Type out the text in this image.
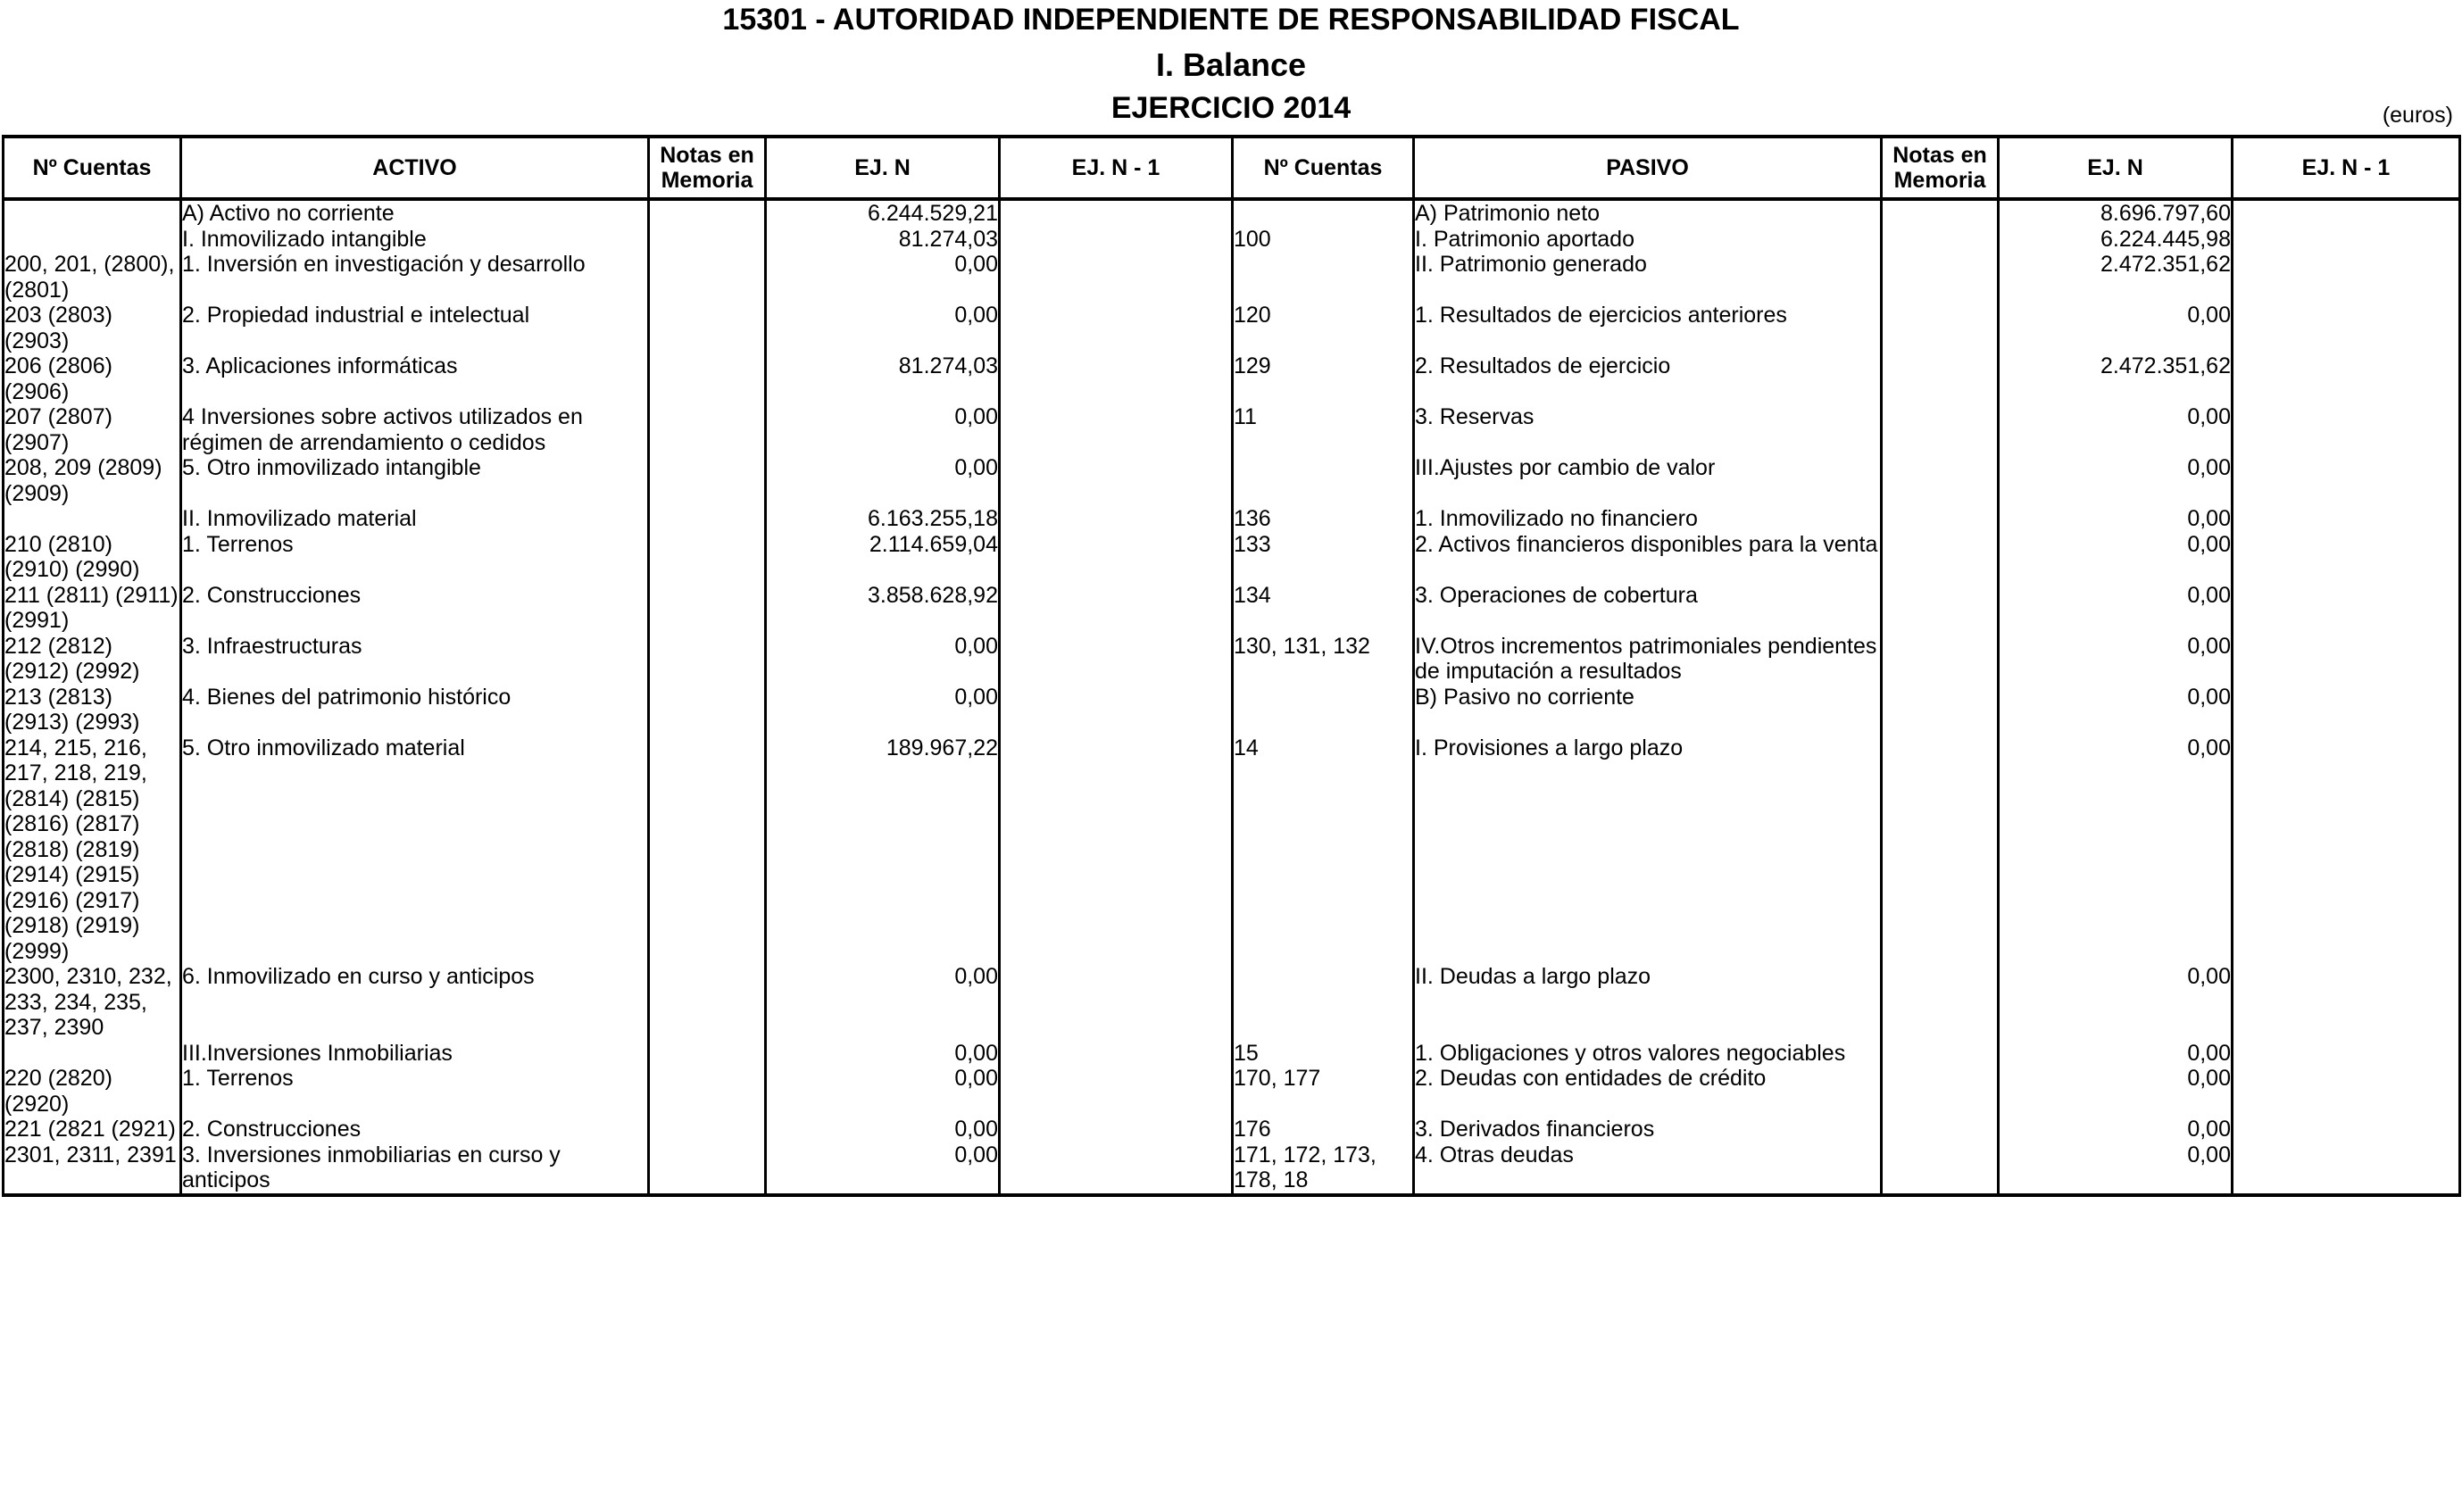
15301 - AUTORIDAD INDEPENDIENTE DE RESPONSABILIDAD FISCAL
I. Balance
EJERCICIO 2014	(euros)
Nº Cuentas	ACTIVO	Notas en Memoria	EJ. N	EJ. N - 1	Nº Cuentas	PASIVO	Notas en Memoria	EJ. N	EJ. N - 1
	A) Activo no corriente		6.244.529,21			A) Patrimonio neto		8.696.797,60	
	I. Inmovilizado intangible		81.274,03		100	I. Patrimonio aportado		6.224.445,98	
200, 201, (2800), (2801)	1. Inversión en investigación y desarrollo		0,00			II. Patrimonio generado		2.472.351,62	
203 (2803) (2903)	2. Propiedad industrial e intelectual		0,00		120	1. Resultados de ejercicios anteriores		0,00	
206 (2806) (2906)	3. Aplicaciones informáticas		81.274,03		129	2. Resultados de ejercicio		2.472.351,62	
207 (2807) (2907)	4 Inversiones sobre activos utilizados en régimen de arrendamiento o cedidos		0,00		11	3. Reservas		0,00	
208, 209 (2809) (2909)	5. Otro inmovilizado intangible		0,00			III.Ajustes por cambio de valor		0,00	
	II. Inmovilizado material		6.163.255,18		136	1. Inmovilizado no financiero		0,00	
210 (2810) (2910) (2990)	1. Terrenos		2.114.659,04		133	2. Activos financieros disponibles para la venta		0,00	
211 (2811) (2911) (2991)	2. Construcciones		3.858.628,92		134	3. Operaciones de cobertura		0,00	
212 (2812) (2912) (2992)	3. Infraestructuras		0,00		130, 131, 132	IV.Otros incrementos patrimoniales pendientes de imputación a resultados		0,00	
213 (2813) (2913) (2993)	4. Bienes del patrimonio histórico		0,00			B) Pasivo no corriente		0,00	
214, 215, 216, 217, 218, 219, (2814) (2815) (2816) (2817) (2818) (2819) (2914) (2915) (2916) (2917) (2918) (2919) (2999)	5. Otro inmovilizado material		189.967,22		14	I. Provisiones a largo plazo		0,00	
2300, 2310, 232, 233, 234, 235, 237, 2390	6. Inmovilizado en curso y anticipos		0,00			II. Deudas a largo plazo		0,00	
	III.Inversiones Inmobiliarias		0,00		15	1. Obligaciones y otros valores negociables		0,00	
220 (2820) (2920)	1. Terrenos		0,00		170, 177	2. Deudas con entidades de crédito		0,00	
221 (2821 (2921)	2. Construcciones		0,00		176	3. Derivados financieros		0,00	
2301, 2311, 2391	3. Inversiones inmobiliarias en curso y anticipos		0,00		171, 172, 173, 178, 18	4. Otras deudas		0,00	
